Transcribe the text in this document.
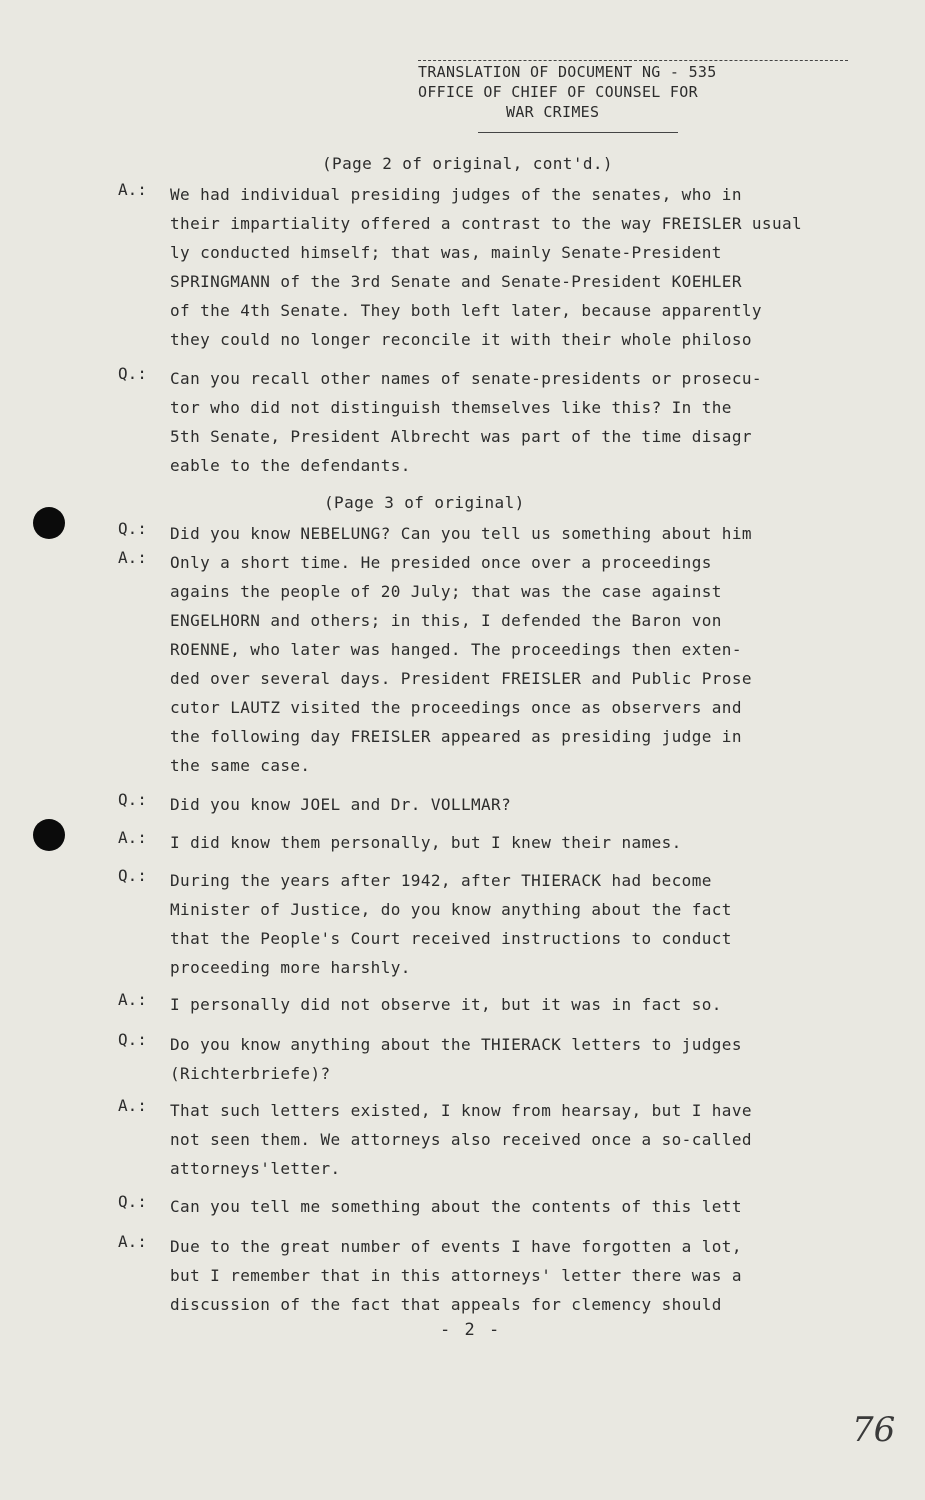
TRANSLATION OF DOCUMENT NG - 535
OFFICE OF CHIEF OF COUNSEL FOR
WAR CRIMES
(Page 2 of original, cont'd.)
A.:	We had individual presiding judges of the senates, who in
their impartiality offered a contrast to the way FREISLER usual
ly conducted himself; that was, mainly Senate-President
SPRINGMANN of the 3rd Senate and Senate-President KOEHLER
of the 4th Senate. They both left later, because apparently
they could no longer reconcile it with their whole philoso
Q.:	Can you recall other names of senate-presidents or prosecu-
tor who did not distinguish themselves like this? In the
5th Senate, President Albrecht was part of the time disagr
eable to the defendants.
(Page 3 of original)
Q.:	Did you know NEBELUNG? Can you tell us something about him
A.:	Only a short time. He presided once over a proceedings
agains the people of 20 July; that was the case against
ENGELHORN and others; in this, I defended the Baron von
ROENNE, who later was hanged. The proceedings then exten-
ded over several days. President FREISLER and Public Prose
cutor LAUTZ visited the proceedings once as observers and
the following day FREISLER appeared as presiding judge in
the same case.
Q.:	Did you know JOEL and Dr. VOLLMAR?
A.:	I did know them personally, but I knew their names.
Q.:	During the years after 1942, after THIERACK had become
Minister of Justice, do you know anything about the fact
that the People's Court received instructions to conduct
proceeding more harshly.
A.:	I personally did not observe it, but it was in fact so.
Q.:	Do you know anything about the THIERACK letters to judges
(Richterbriefe)?
A.:	That such letters existed, I know from hearsay, but I have
not seen them. We attorneys also received once a so-called
attorneys'letter.
Q.:	Can you tell me something about the contents of this lett
A.:	Due to the great number of events I have forgotten a lot,
but I remember that in this attorneys' letter there was a
discussion of the fact that appeals for clemency should
- 2 -
76
